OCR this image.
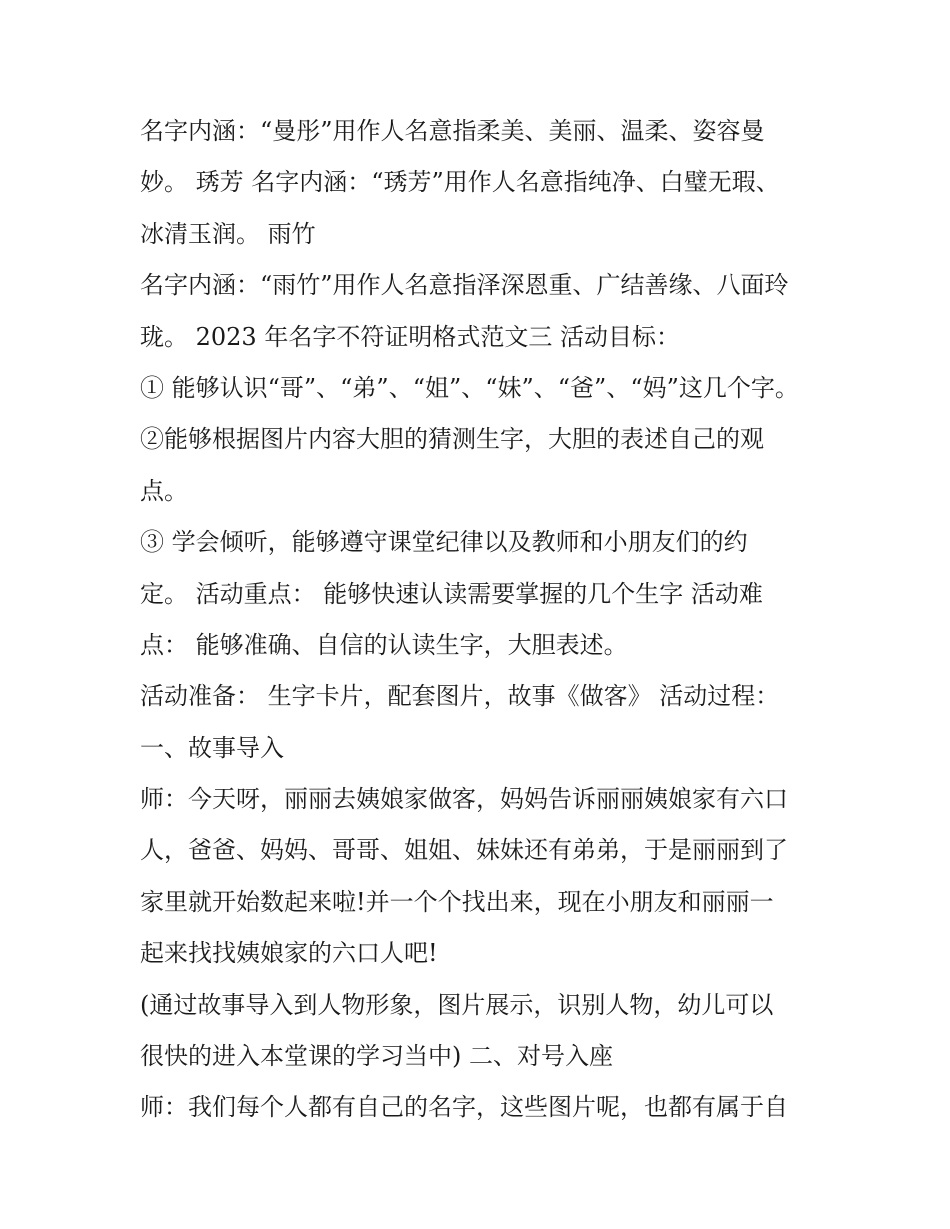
名字内涵：“曼彤”用作人名意指柔美、美丽、温柔、姿容曼
妙。 琇芳 名字内涵：“琇芳”用作人名意指纯净、白璧无瑕、
冰清玉润。 雨竹
名字内涵：“雨竹”用作人名意指泽深恩重、广结善缘、八面玲
珑。 2023 年名字不符证明格式范文三 活动目标：
① 能够认识“哥”、“弟”、“姐”、“妹”、“爸”、“妈”这几个字。
②能够根据图片内容大胆的猜测生字，大胆的表述自己的观
点。
③ 学会倾听，能够遵守课堂纪律以及教师和小朋友们的约
定。 活动重点： 能够快速认读需要掌握的几个生字 活动难
点： 能够准确、自信的认读生字，大胆表述。
活动准备： 生字卡片，配套图片，故事《做客》 活动过程：
一、故事导入
师：今天呀，丽丽去姨娘家做客，妈妈告诉丽丽姨娘家有六口
人，爸爸、妈妈、哥哥、姐姐、妹妹还有弟弟，于是丽丽到了
家里就开始数起来啦!并一个个找出来，现在小朋友和丽丽一
起来找找姨娘家的六口人吧!
(通过故事导入到人物形象，图片展示，识别人物，幼儿可以
很快的进入本堂课的学习当中) 二、对号入座
师：我们每个人都有自己的名字，这些图片呢，也都有属于自
